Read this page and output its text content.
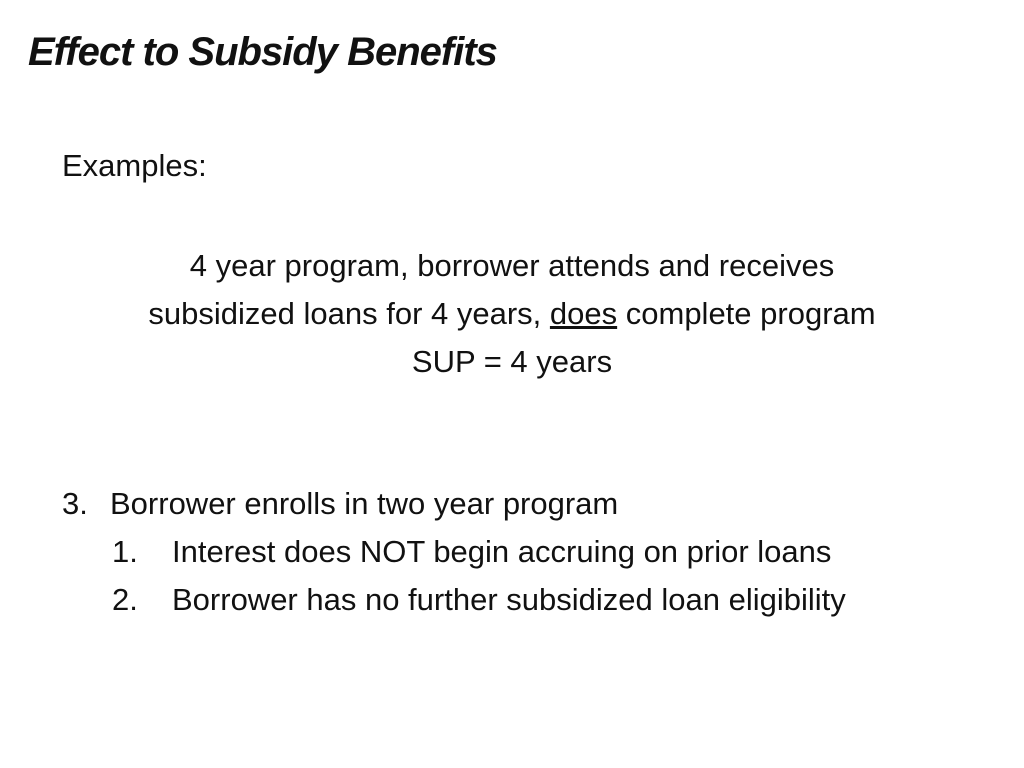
Effect to Subsidy Benefits

Examples:

4 year program, borrower attends and receives
subsidized loans for 4 years, does complete program
SUP = 4 years
3. Borrower enrolls in two year program
1.	Interest does NOT begin accruing on prior loans
2.	Borrower has no further subsidized loan eligibility
